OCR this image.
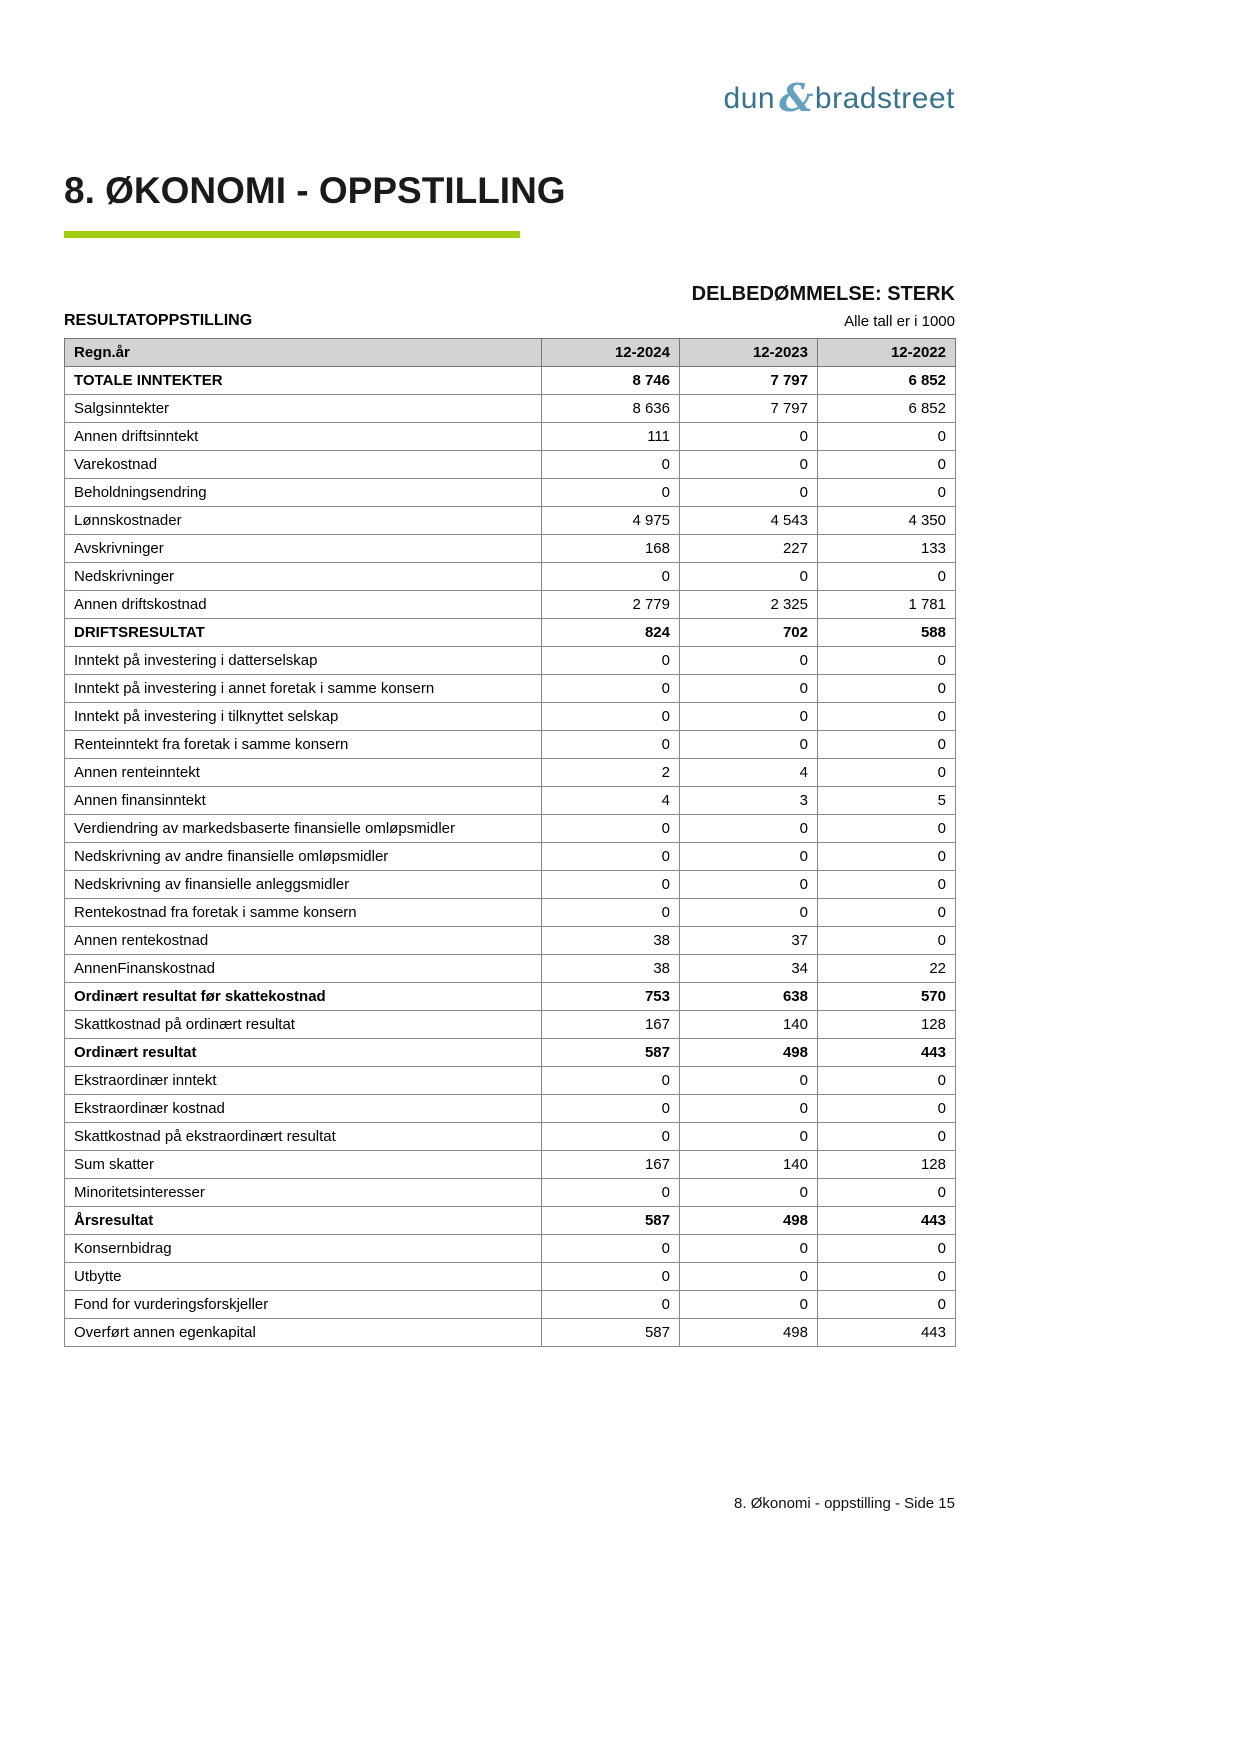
dun &bradstreet
8. ØKONOMI - OPPSTILLING
DELBEDØMMELSE: STERK
RESULTATOPPSTILLING	Alle tall er i 1000
Regn.år	12-2024	12-2023	12-2022
TOTALE INNTEKTER	8 746	7 797	6 852
Salgsinntekter	8 636	7 797	6 852
Annen driftsinntekt	111	0	0
Varekostnad	0	0	0
Beholdningsendring	0	0	0
Lønnskostnader	4 975	4 543	4 350
Avskrivninger	168	227	133
Nedskrivninger	0	0	0
Annen driftskostnad	2 779	2 325	1 781
DRIFTSRESULTAT	824	702	588
Inntekt på investering i datterselskap	0	0	0
Inntekt på investering i annet foretak i samme konsern	0	0	0
Inntekt på investering i tilknyttet selskap	0	0	0
Renteinntekt fra foretak i samme konsern	0	0	0
Annen renteinntekt	2	4	0
Annen finansinntekt	4	3	5
Verdiendring av markedsbaserte finansielle omløpsmidler	0	0	0
Nedskrivning av andre finansielle omløpsmidler	0	0	0
Nedskrivning av finansielle anleggsmidler	0	0	0
Rentekostnad fra foretak i samme konsern	0	0	0
Annen rentekostnad	38	37	0
AnnenFinanskostnad	38	34	22
Ordinært resultat før skattekostnad	753	638	570
Skattkostnad på ordinært resultat	167	140	128
Ordinært resultat	587	498	443
Ekstraordinær inntekt	0	0	0
Ekstraordinær kostnad	0	0	0
Skattkostnad på ekstraordinært resultat	0	0	0
Sum skatter	167	140	128
Minoritetsinteresser	0	0	0
Årsresultat	587	498	443
Konsernbidrag	0	0	0
Utbytte	0	0	0
Fond for vurderingsforskjeller	0	0	0
Overført annen egenkapital	587	498	443
8. Økonomi - oppstilling - Side 15
